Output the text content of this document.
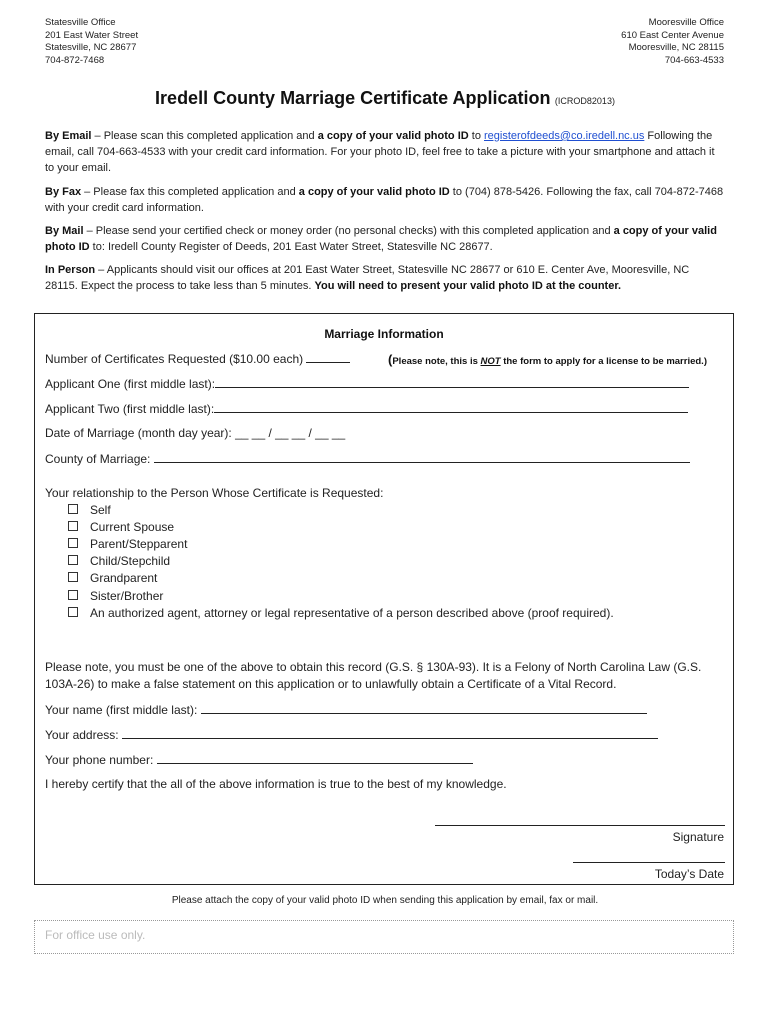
Statesville Office
201 East Water Street
Statesville, NC 28677
704-872-7468
Mooresville Office
610 East Center Avenue
Mooresville, NC 28115
704-663-4533
Iredell County Marriage Certificate Application (ICROD82013)
By Email – Please scan this completed application and a copy of your valid photo ID to registerofdeeds@co.iredell.nc.us Following the email, call 704-663-4533 with your credit card information. For your photo ID, feel free to take a picture with your smartphone and attach it to your email.
By Fax – Please fax this completed application and a copy of your valid photo ID to (704) 878-5426. Following the fax, call 704-872-7468 with your credit card information.
By Mail – Please send your certified check or money order (no personal checks) with this completed application and a copy of your valid photo ID to: Iredell County Register of Deeds, 201 East Water Street, Statesville NC 28677.
In Person – Applicants should visit our offices at 201 East Water Street, Statesville NC 28677 or 610 E. Center Ave, Mooresville, NC 28115. Expect the process to take less than 5 minutes. You will need to present your valid photo ID at the counter.
Marriage Information
Number of Certificates Requested ($10.00 each)	(Please note, this is NOT the form to apply for a license to be married.)
Applicant One (first middle last):
Applicant Two (first middle last):
Date of Marriage (month day year): __ __ / __ __ / __ __
County of Marriage:
Your relationship to the Person Whose Certificate is Requested:
Self
Current Spouse
Parent/Stepparent
Child/Stepchild
Grandparent
Sister/Brother
An authorized agent, attorney or legal representative of a person described above (proof required).
Please note, you must be one of the above to obtain this record (G.S. § 130A-93). It is a Felony of North Carolina Law (G.S. 103A-26) to make a false statement on this application or to unlawfully obtain a Certificate of a Vital Record.
Your name (first middle last):
Your address:
Your phone number:
I hereby certify that the all of the above information is true to the best of my knowledge.
Signature
Today’s Date
Please attach the copy of your valid photo ID when sending this application by email, fax or mail.
For office use only.
